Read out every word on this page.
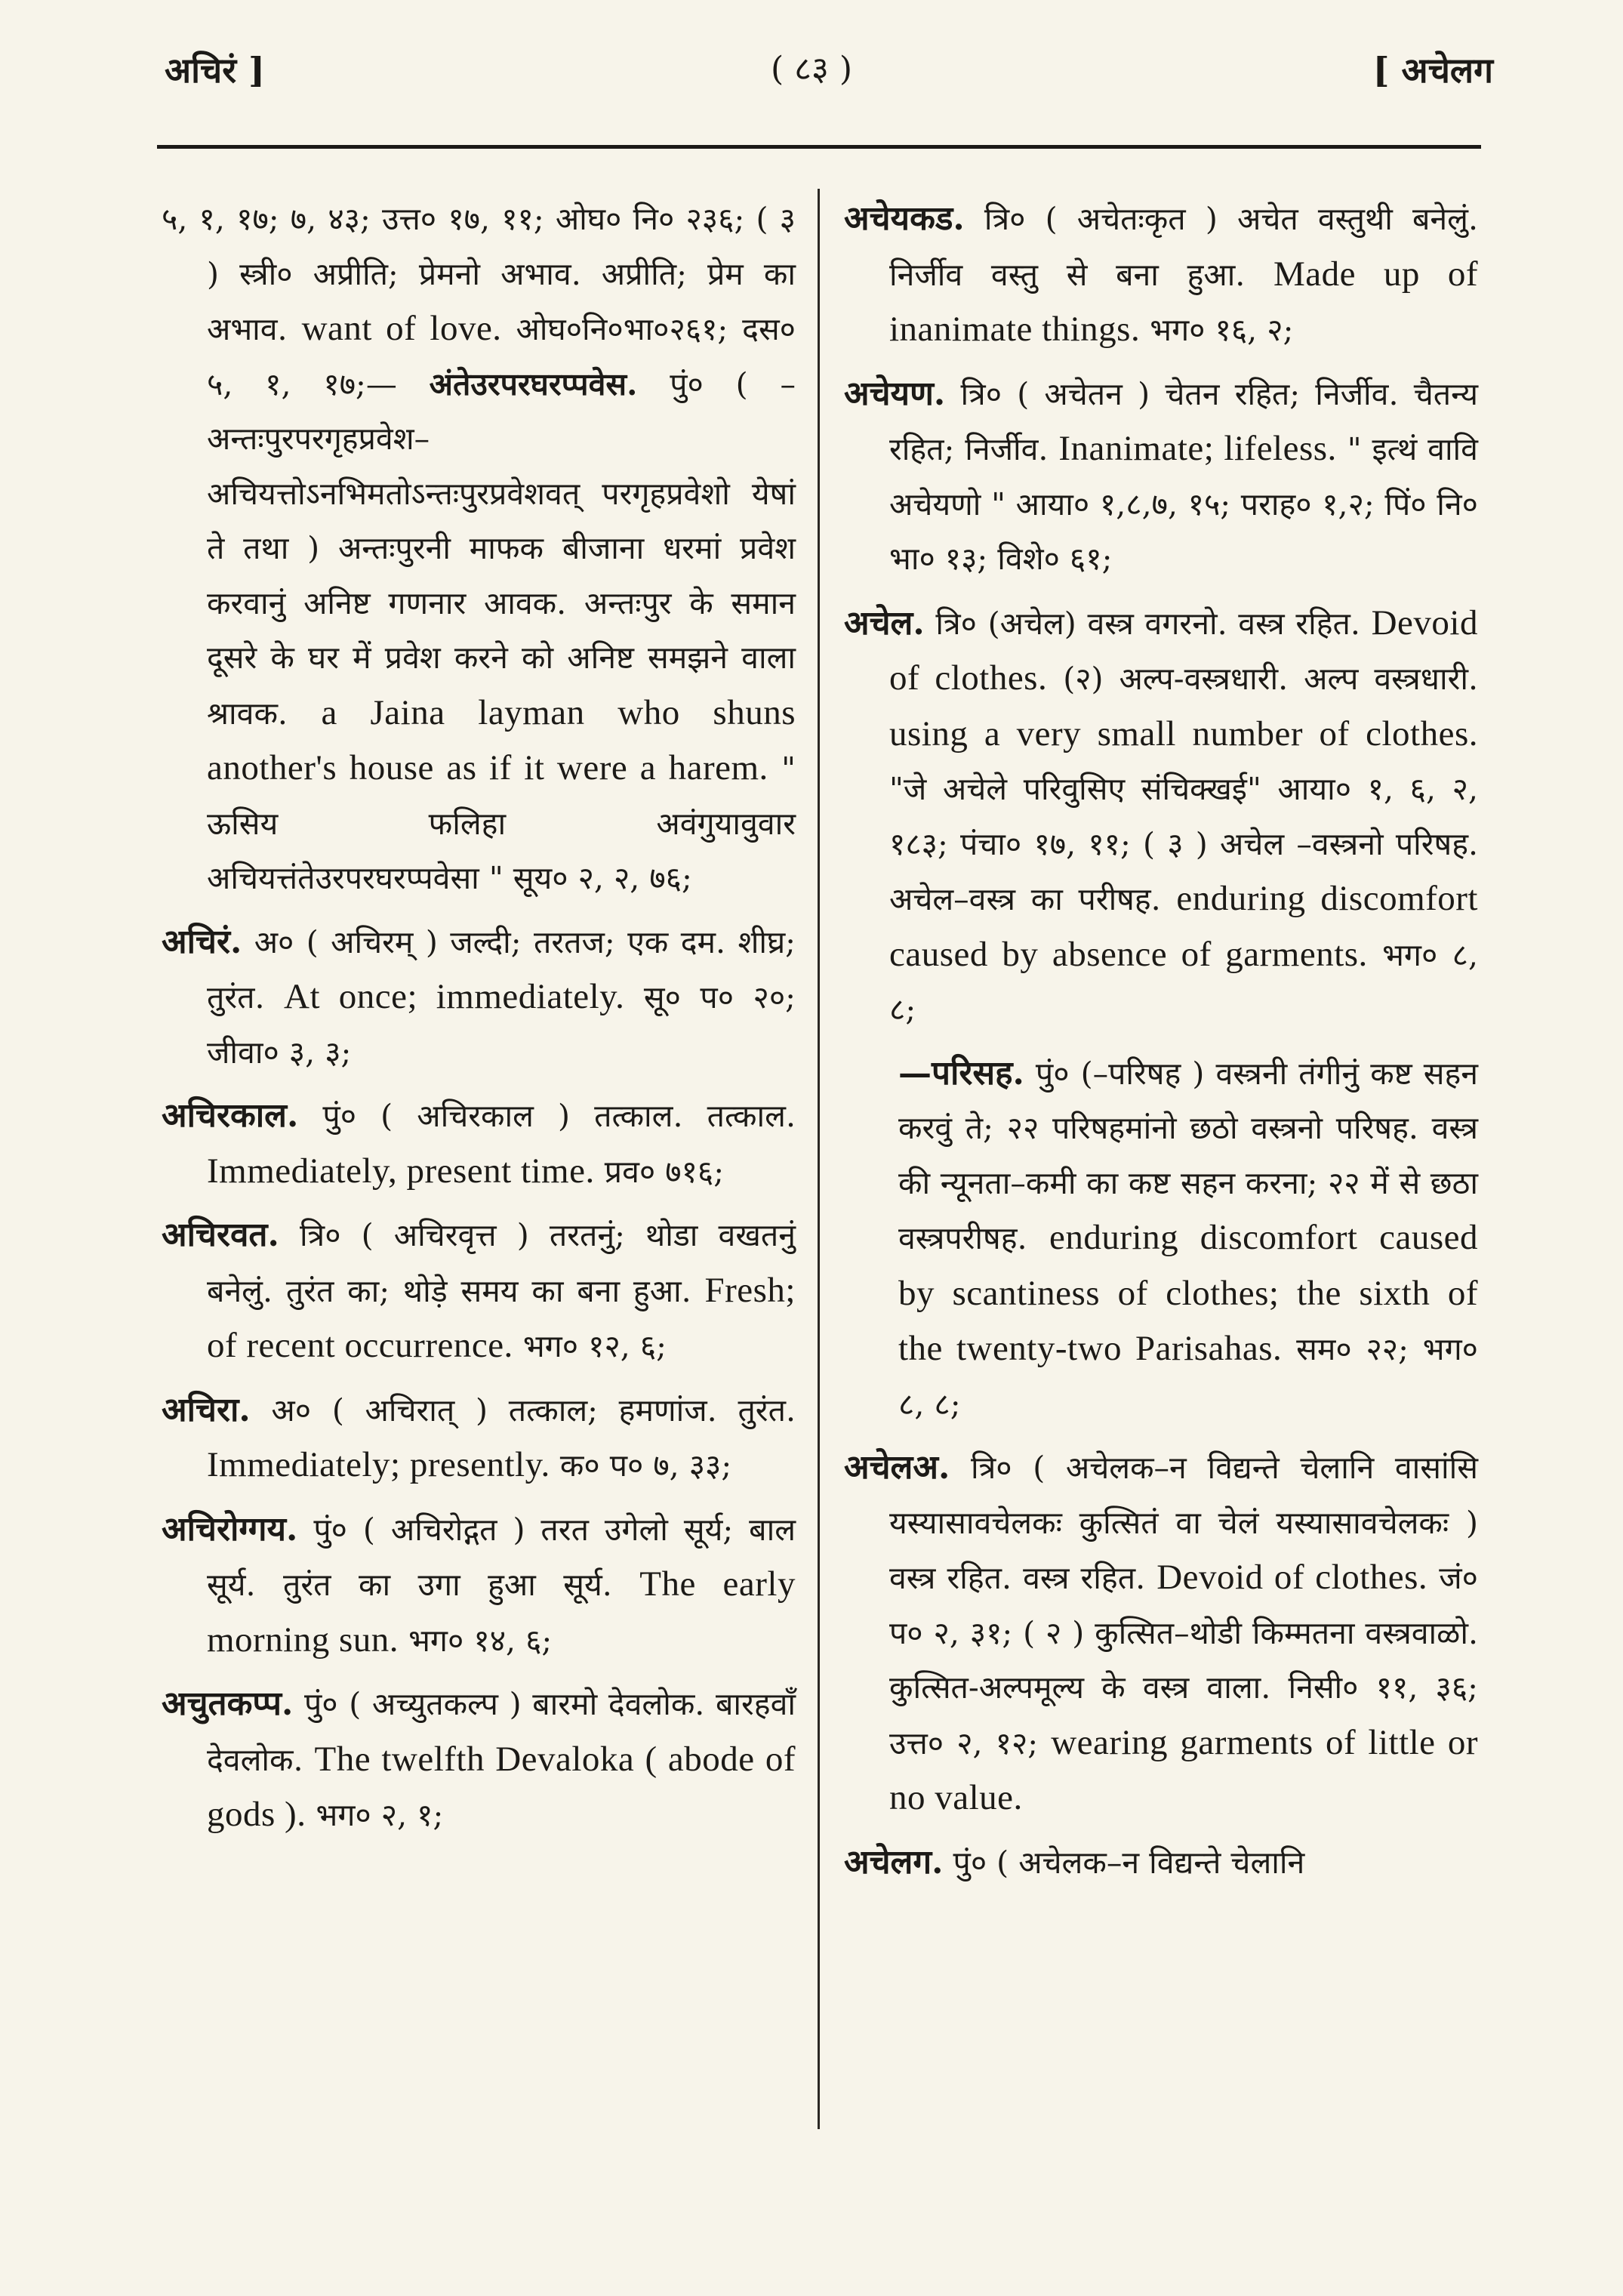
अचिरं ]	( ८३ )	[ अचेलग

५, १, १७; ७, ४३; उत्त० १७, ११; ओघ० नि० २३६; ( ३ ) स्त्री० अप्रीति; प्रेमनो अभाव. अप्रीति; प्रेम का अभाव. want of love. ओघ०नि०भा०२६१; दस० ५, १, १७;— अंतेउरपरघरप्पवेस. पुं० ( –अन्तःपुरपरगृहप्रवेश–अचियत्तोऽनभिमतोऽन्तःपुरप्रवेशवत् परगृहप्रवेशो येषां ते तथा ) अन्तःपुरनी माफक बीजाना धरमां प्रवेश करवानुं अनिष्ट गणनार आवक. अन्तःपुर के समान दूसरे के घर में प्रवेश करने को अनिष्ट समझने वाला श्रावक. a Jaina layman who shuns another's house as if it were a harem. " ऊसिय फलिहा अवंगुयावुवार अचियत्तंतेउरपरघरप्पवेसा " सूय० २, २, ७६;

अचिरं. अ० ( अचिरम् ) जल्दी; तरतज; एक दम. शीघ्र; तुरंत. At once; immediately. सू० प० २०; जीवा० ३, ३;

अचिरकाल. पुं० ( अचिरकाल ) तत्काल. तत्काल. Immediately, present time. प्रव० ७१६;

अचिरवत. त्रि० ( अचिरवृत्त ) तरतनुं; थोडा वखतनुं बनेलुं. तुरंत का; थोड़े समय का बना हुआ. Fresh; of recent occurrence. भग० १२, ६;

अचिरा. अ० ( अचिरात् ) तत्काल; हमणांज. तुरंत. Immediately; presently. क० प० ७, ३३;

अचिरोग्गय. पुं० ( अचिरोद्गत ) तरत उगेलो सूर्य; बाल सूर्य. तुरंत का उगा हुआ सूर्य. The early morning sun. भग० १४, ६;

अचुतकप्प. पुं० ( अच्युतकल्प ) बारमो देवलोक. बारहवाँ देवलोक. The twelfth Devaloka ( abode of gods ). भग० २, १;

अचेयकड. त्रि० ( अचेतःकृत ) अचेत वस्तुथी बनेलुं. निर्जीव वस्तु से बना हुआ. Made up of inanimate things. भग० १६, २;

अचेयण. त्रि० ( अचेतन ) चेतन रहित; निर्जीव. चैतन्य रहित; निर्जीव. Inanimate; lifeless. " इत्थं वावि अचेयणो " आया० १,८,७, १५; पराह० १,२; पिं० नि० भा० १३; विशे० ६१;

अचेल. त्रि० (अचेल) वस्त्र वगरनो. वस्त्र रहित. Devoid of clothes. (२) अल्प-वस्त्रधारी. अल्प वस्त्रधारी. using a very small number of clothes. "जे अचेले परिवुसिए संचिक्खई" आया० १, ६, २, १८३; पंचा० १७, ११; ( ३ ) अचेल –वस्त्रनो परिषह. अचेल–वस्त्र का परीषह. enduring discomfort caused by absence of garments. भग० ८, ८;

—परिसह. पुं० (–परिषह ) वस्त्रनी तंगीनुं कष्ट सहन करवुं ते; २२ परिषहमांनो छठो वस्त्रनो परिषह. वस्त्र की न्यूनता–कमी का कष्ट सहन करना; २२ में से छठा वस्त्रपरीषह. enduring discomfort caused by scantiness of clothes; the sixth of the twenty-two Parisahas. सम० २२; भग० ८, ८;

अचेलअ. त्रि० ( अचेलक–न विद्यन्ते चेलानि वासांसि यस्यासावचेलकः कुत्सितं वा चेलं यस्यासावचेलकः ) वस्त्र रहित. वस्त्र रहित. Devoid of clothes. जं० प० २, ३१; ( २ ) कुत्सित–थोडी किम्मतना वस्त्रवाळो. कुत्सित-अल्पमूल्य के वस्त्र वाला. निसी० ११, ३६; उत्त० २, १२; wearing garments of little or no value.

अचेलग. पुं० ( अचेलक–न विद्यन्ते चेलानि
